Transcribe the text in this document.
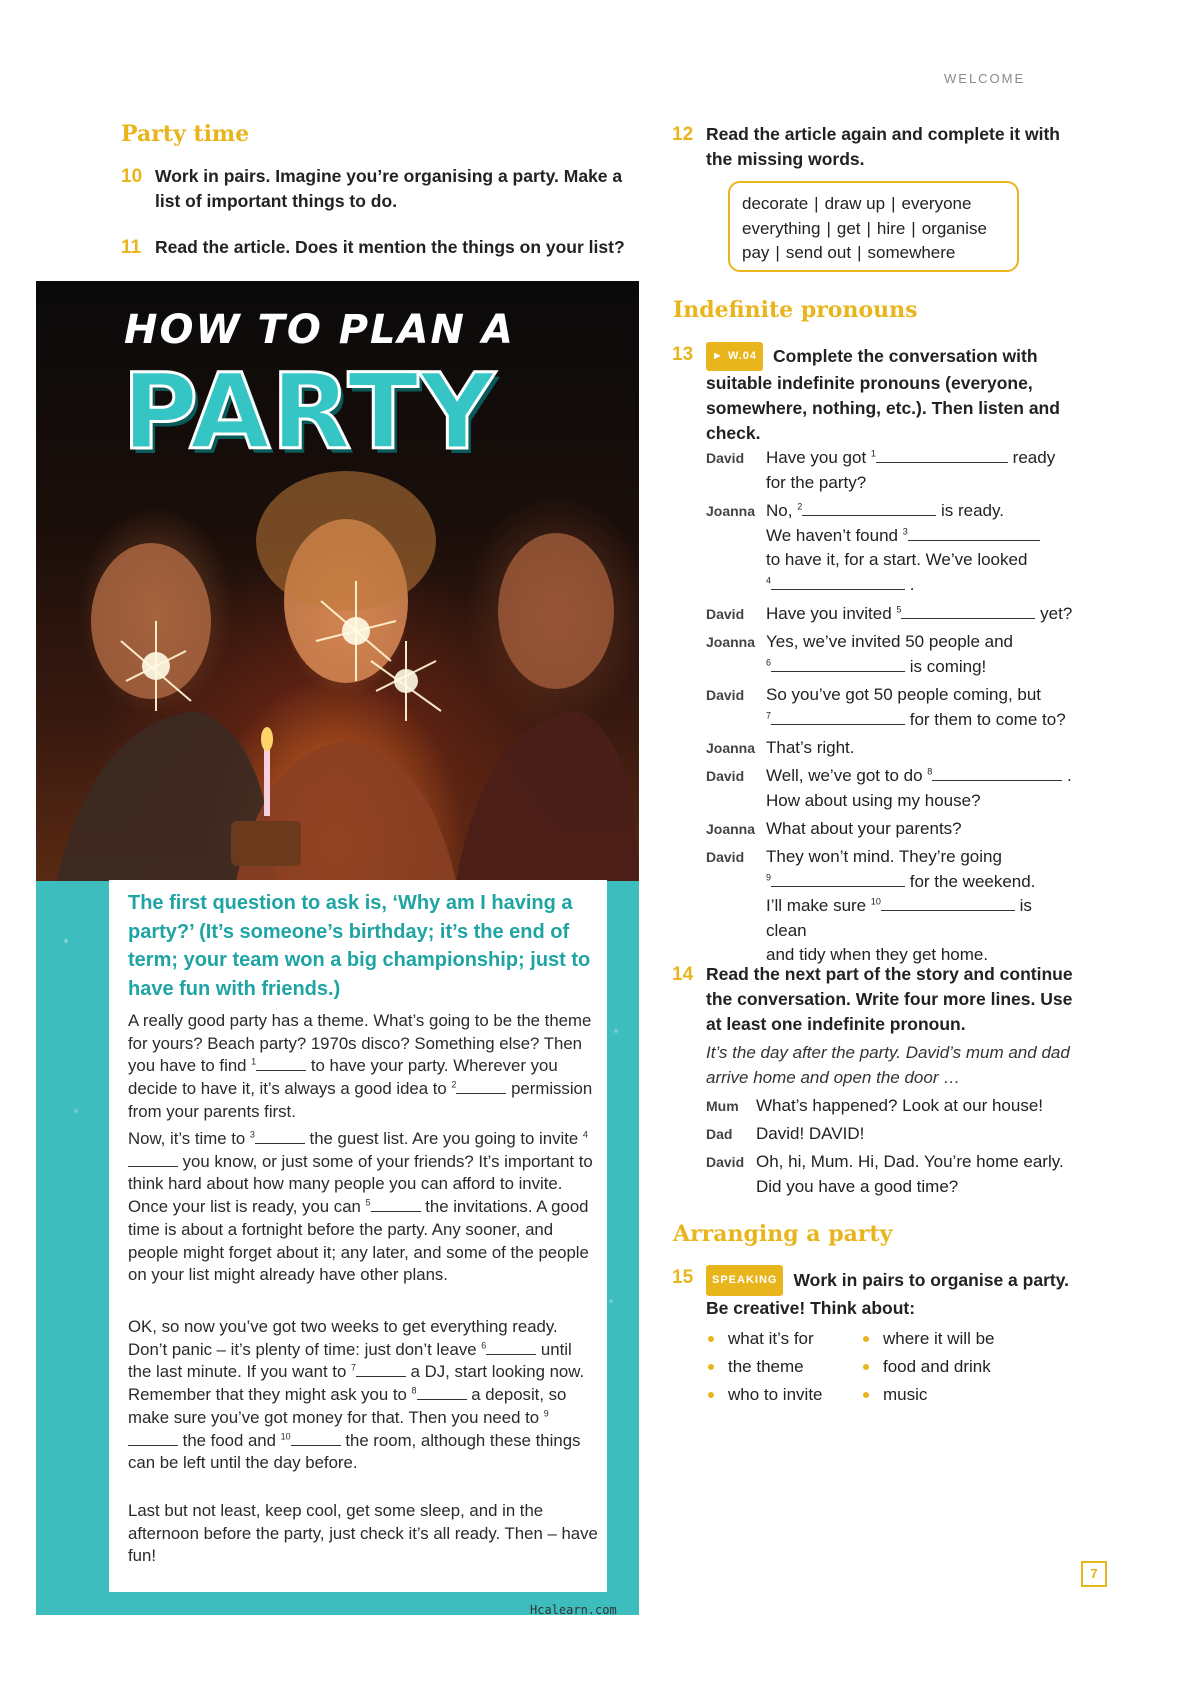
WELCOME
Party time
10 Work in pairs. Imagine you’re organising a party. Make a list of important things to do.
11 Read the article. Does it mention the things on your list?
HOW TO PLAN A
PARTY
The first question to ask is, ‘Why am I having a party?’ (It’s someone’s birthday; it’s the end of term; your team won a big championship; just to have fun with friends.)
A really good party has a theme. What’s going to be the theme for yours? Beach party? 1970s disco? Something else? Then you have to find $^1$	to have your party. Wherever you decide to have it, it’s always a good idea to $^2$	permission from your parents first.
Now, it’s time to $^3$	the guest list. Are you going to invite $^4$ you know, or just some of your friends? It’s important to think hard about how many people you can afford to invite. Once your list is ready, you can $^5$	the invitations. A good time is about a fortnight before the party. Any sooner, and people might forget about it; any later, and some of the people on your list might already have other plans.
OK, so now you’ve got two weeks to get everything ready. Don’t panic – it’s plenty of time: just don’t leave $^6$	until the last minute. If you want to $^7$	a DJ, start looking now. Remember that they might ask you to $^8$	a deposit, so make sure you’ve got money for that. Then you need to $^9$ the food and $^{10}$	the room, although these things can be left until the day before.
Last but not least, keep cool, get some sleep, and in the afternoon before the party, just check it’s all ready. Then – have fun!
Hcalearn.com
12 Read the article again and complete it with the missing words.
decorate | draw up | everyone
everything | get | hire | organise
pay | send out | somewhere
Indefinite pronouns
13 ► W.04 Complete the conversation with suitable indefinite pronouns (everyone, somewhere, nothing, etc.). Then listen and check.
David	Have you got $^1$	ready
for the party?
Joanna No, $^2$	is ready.
We haven’t found $^3$
to have it, for a start. We’ve looked
$^4$	.
David	Have you invited $^5$	yet?
Joanna Yes, we’ve invited 50 people and
$^6$	is coming!
David	So you’ve got 50 people coming, but
$^7$	for them to come to?
Joanna That’s right.
David	Well, we’ve got to do $^8$	.
How about using my house?
Joanna What about your parents?
David	They won’t mind. They’re going
$^9$	for the weekend.
I’ll make sure $^{10}$	is clean
and tidy when they get home.
14 Read the next part of the story and continue the conversation. Write four more lines. Use at least one indefinite pronoun.
It’s the day after the party. David’s mum and dad arrive home and open the door …
Mum	What’s happened? Look at our house!
Dad	David! DAVID!
David Oh, hi, Mum. Hi, Dad. You’re home early. Did you have a good time?
Arranging a party
15 SPEAKING Work in pairs to organise a party. Be creative! Think about:
what it’s for
the theme
who to invite
where it will be
food and drink
music
7
